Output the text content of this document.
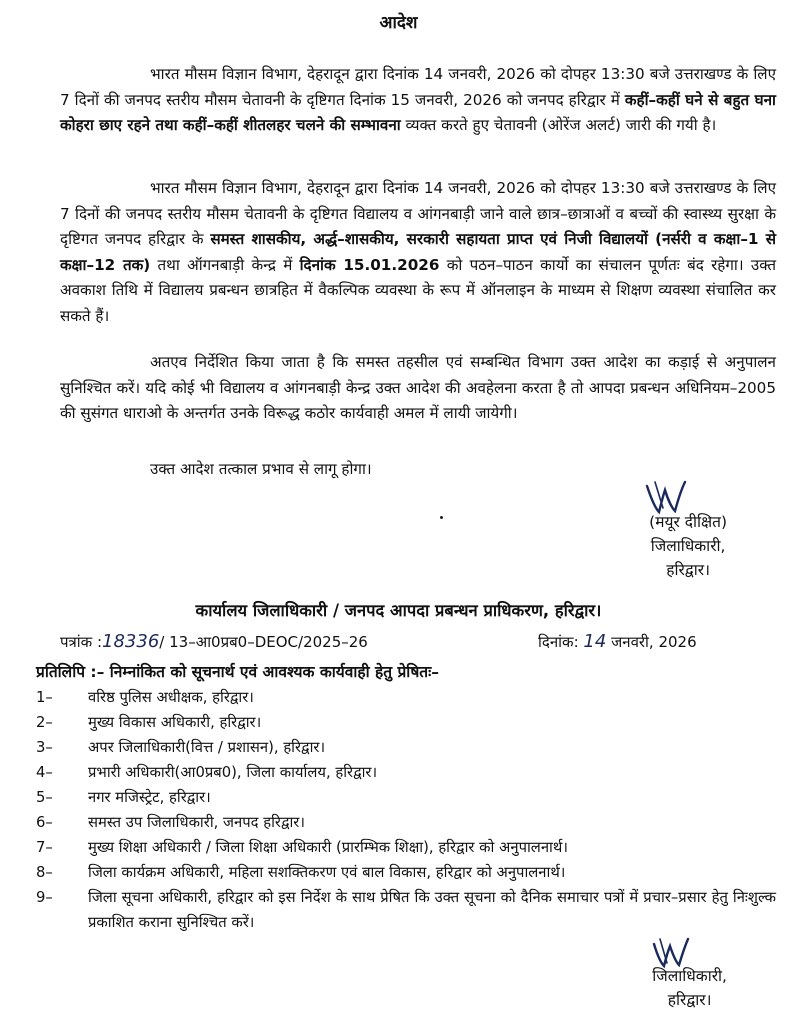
आदेश

भारत मौसम विज्ञान विभाग, देहरादून द्वारा दिनांक 14 जनवरी, 2026 को दोपहर 13:30 बजे उत्तराखण्ड के लिए 7 दिनों की जनपद स्तरीय मौसम चेतावनी के दृष्टिगत दिनांक 15 जनवरी, 2026 को जनपद हरिद्वार में कहीं–कहीं घने से बहुत घना कोहरा छाए रहने तथा कहीं–कहीं शीतलहर चलने की सम्भावना व्यक्त करते हुए चेतावनी (ओरेंज अलर्ट) जारी की गयी है।

भारत मौसम विज्ञान विभाग, देहरादून द्वारा दिनांक 14 जनवरी, 2026 को दोपहर 13:30 बजे उत्तराखण्ड के लिए 7 दिनों की जनपद स्तरीय मौसम चेतावनी के दृष्टिगत विद्यालय व आंगनबाड़ी जाने वाले छात्र–छात्राओं व बच्चों की स्वास्थ्य सुरक्षा के दृष्टिगत जनपद हरिद्वार के समस्त शासकीय, अर्द्ध–शासकीय, सरकारी सहायता प्राप्त एवं निजी विद्यालयों (नर्सरी व कक्षा–1 से कक्षा–12 तक) तथा ऑगनबाड़ी केन्द्र में दिनांक 15.01.2026 को पठन–पाठन कार्यो का संचालन पूर्णतः बंद रहेगा। उक्त अवकाश तिथि में विद्यालय प्रबन्धन छात्रहित में वैकल्पिक व्यवस्था के रूप में ऑनलाइन के माध्यम से शिक्षण व्यवस्था संचालित कर सकते हैं।

अतएव निर्देशित किया जाता है कि समस्त तहसील एवं सम्बन्धित विभाग उक्त आदेश का कड़ाई से अनुपालन सुनिश्चित करें। यदि कोई भी विद्यालय व आंगनबाड़ी केन्द्र उक्त आदेश की अवहेलना करता है तो आपदा प्रबन्धन अधिनियम–2005 की सुसंगत धाराओ के अन्तर्गत उनके विरूद्ध कठोर कार्यवाही अमल में लायी जायेगी।

उक्त आदेश तत्काल प्रभाव से लागू होगा।

(मयूर दीक्षित)
जिलाधिकारी,
हरिद्वार।
कार्यालय जिलाधिकारी / जनपद आपदा प्रबन्धन प्राधिकरण, हरिद्वार।
पत्रांक :18336/ 13–आ0प्रब0–DEOC/2025–26	दिनांक: 14 जनवरी, 2026
प्रतिलिपि :– निम्नांकित को सूचनार्थ एवं आवश्यक कार्यवाही हेतु प्रेषितः–
1–	वरिष्ठ पुलिस अधीक्षक, हरिद्वार।
2–	मुख्य विकास अधिकारी, हरिद्वार।
3–	अपर जिलाधिकारी(वित्त / प्रशासन), हरिद्वार।
4–	प्रभारी अधिकारी(आ0प्रब0), जिला कार्यालय, हरिद्वार।
5–	नगर मजिस्ट्रेट, हरिद्वार।
6–	समस्त उप जिलाधिकारी, जनपद हरिद्वार।
7–	मुख्य शिक्षा अधिकारी / जिला शिक्षा अधिकारी (प्रारम्भिक शिक्षा), हरिद्वार को अनुपालनार्थ।
8–	जिला कार्यक्रम अधिकारी, महिला सशक्तिकरण एवं बाल विकास, हरिद्वार को अनुपालनार्थ।
9–	जिला सूचना अधिकारी, हरिद्वार को इस निर्देश के साथ प्रेषित कि उक्त सूचना को दैनिक समाचार पत्रों में प्रचार–प्रसार हेतु निःशुल्क प्रकाशित कराना सुनिश्चित करें।
जिलाधिकारी,
हरिद्वार।
